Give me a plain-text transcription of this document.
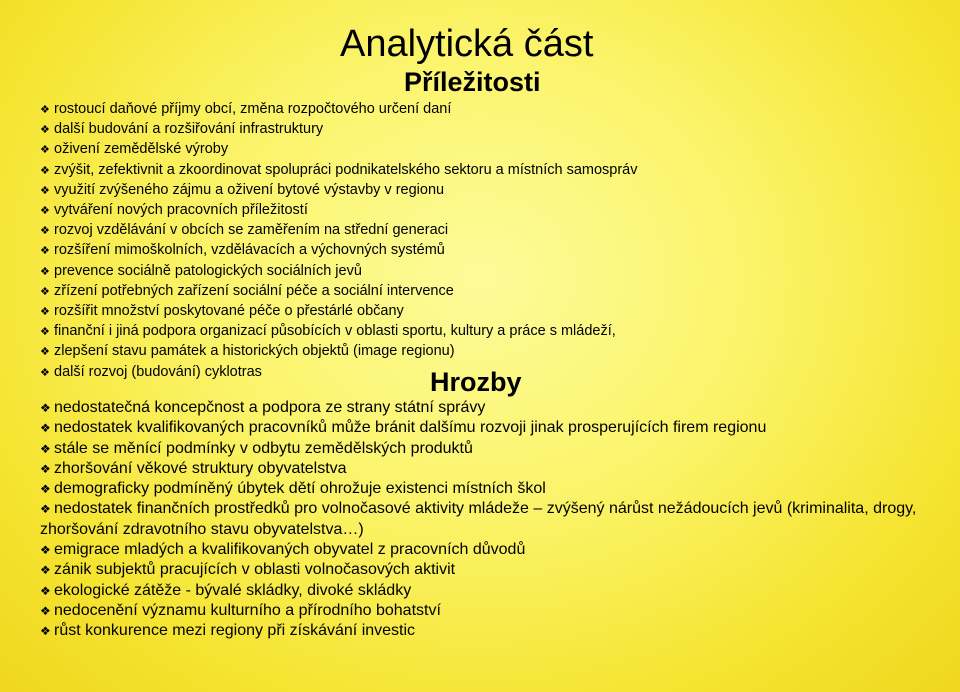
Analytická část
Příležitosti
❖ rostoucí daňové příjmy obcí, změna rozpočtového určení daní
❖ další budování a rozšiřování infrastruktury
❖ oživení zemědělské výroby
❖ zvýšit, zefektivnit a zkoordinovat spolupráci podnikatelského sektoru a místních samospráv
❖ využití zvýšeného zájmu a oživení bytové výstavby v regionu
❖ vytváření nových pracovních příležitostí
❖ rozvoj vzdělávání v obcích se zaměřením na střední generaci
❖ rozšíření mimoškolních, vzdělávacích a výchovných systémů
❖ prevence sociálně patologických sociálních jevů
❖ zřízení potřebných zařízení sociální péče a sociální intervence
❖ rozšířit množství poskytované péče o přestárlé občany
❖ finanční i jiná podpora organizací působících v oblasti sportu, kultury a práce s mládeží,
❖ zlepšení stavu památek a historických objektů (image regionu)
❖ další rozvoj (budování) cyklotras	Hrozby
❖ nedostatečná koncepčnost a podpora ze strany státní správy
❖ nedostatek kvalifikovaných pracovníků může bránit dalšímu rozvoji jinak prosperujících firem regionu
❖ stále se měnící podmínky v odbytu zemědělských produktů
❖ zhoršování věkové struktury obyvatelstva
❖ demograficky podmíněný úbytek dětí ohrožuje existenci místních škol
❖ nedostatek finančních prostředků pro volnočasové aktivity mládeže – zvýšený nárůst nežádoucích jevů (kriminalita, drogy, zhoršování zdravotního stavu obyvatelstva…)
❖ emigrace mladých a kvalifikovaných obyvatel z pracovních důvodů
❖ zánik subjektů pracujících v oblasti volnočasových aktivit
❖ ekologické zátěže - bývalé skládky, divoké skládky
❖ nedocenění významu kulturního a přírodního bohatství
❖ růst konkurence mezi regiony při získávání investic
